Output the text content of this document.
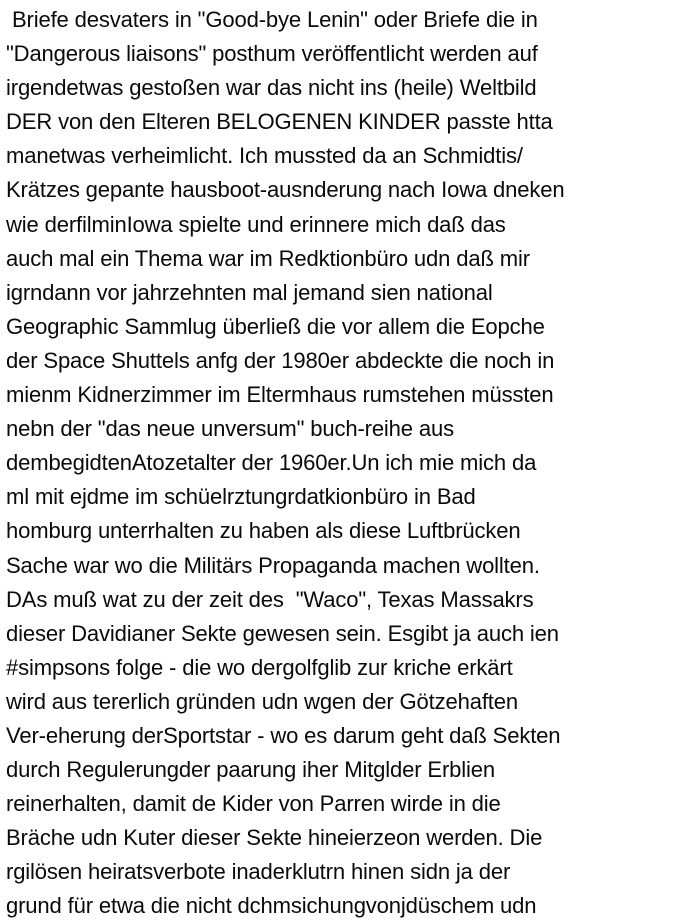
Briefe desvaters in "Good-bye Lenin" oder Briefe die in
"Dangerous liaisons" posthum veröffentlicht werden auf
irgendetwas gestoßen war das nicht ins (heile) Weltbild
DER von den Elteren BELOGENEN KINDER passte htta
manetwas verheimlicht. Ich mussted da an Schmidtis/
Krätzes gepante hausboot-ausnderung nach Iowa dneken
wie derfilminIowa spielte und erinnere mich daß das
auch mal ein Thema war im Redktionbüro udn daß mir
igrndann vor jahrzehnten mal jemand sien national
Geographic Sammlug überließ die vor allem die Eopche
der Space Shuttels anfg der 1980er abdeckte die noch in
mienm Kidnerzimmer im Eltermhaus rumstehen müssten
nebn der "das neue unversum" buch-reihe aus
dembegidtenAtozetalter der 1960er.Un ich mie mich da
ml mit ejdme im schüelrztungrdatkionbüro in Bad
homburg unterrhalten zu haben als diese Luftbrücken
Sache war wo die Militärs Propaganda machen wollten.
DAs muß wat zu der zeit des  "Waco", Texas Massakrs
dieser Davidianer Sekte gewesen sein. Esgibt ja auch ien
#simpsons folge - die wo dergolfglib zur kriche erkärt
wird aus tererlich gründen udn wgen der Götzehaften
Ver-eherung derSportstar - wo es darum geht daß Sekten
durch Regulerungder paarung iher Mitglder Erblien
reinerhalten, damit de Kider von Parren wirde in die
Bräche udn Kuter dieser Sekte hineierzeon werden. Die
rgilösen heiratsverbote inaderklutrn hinen sidn ja der
grund für etwa die nicht dchmsichungvonjdüschem udn
